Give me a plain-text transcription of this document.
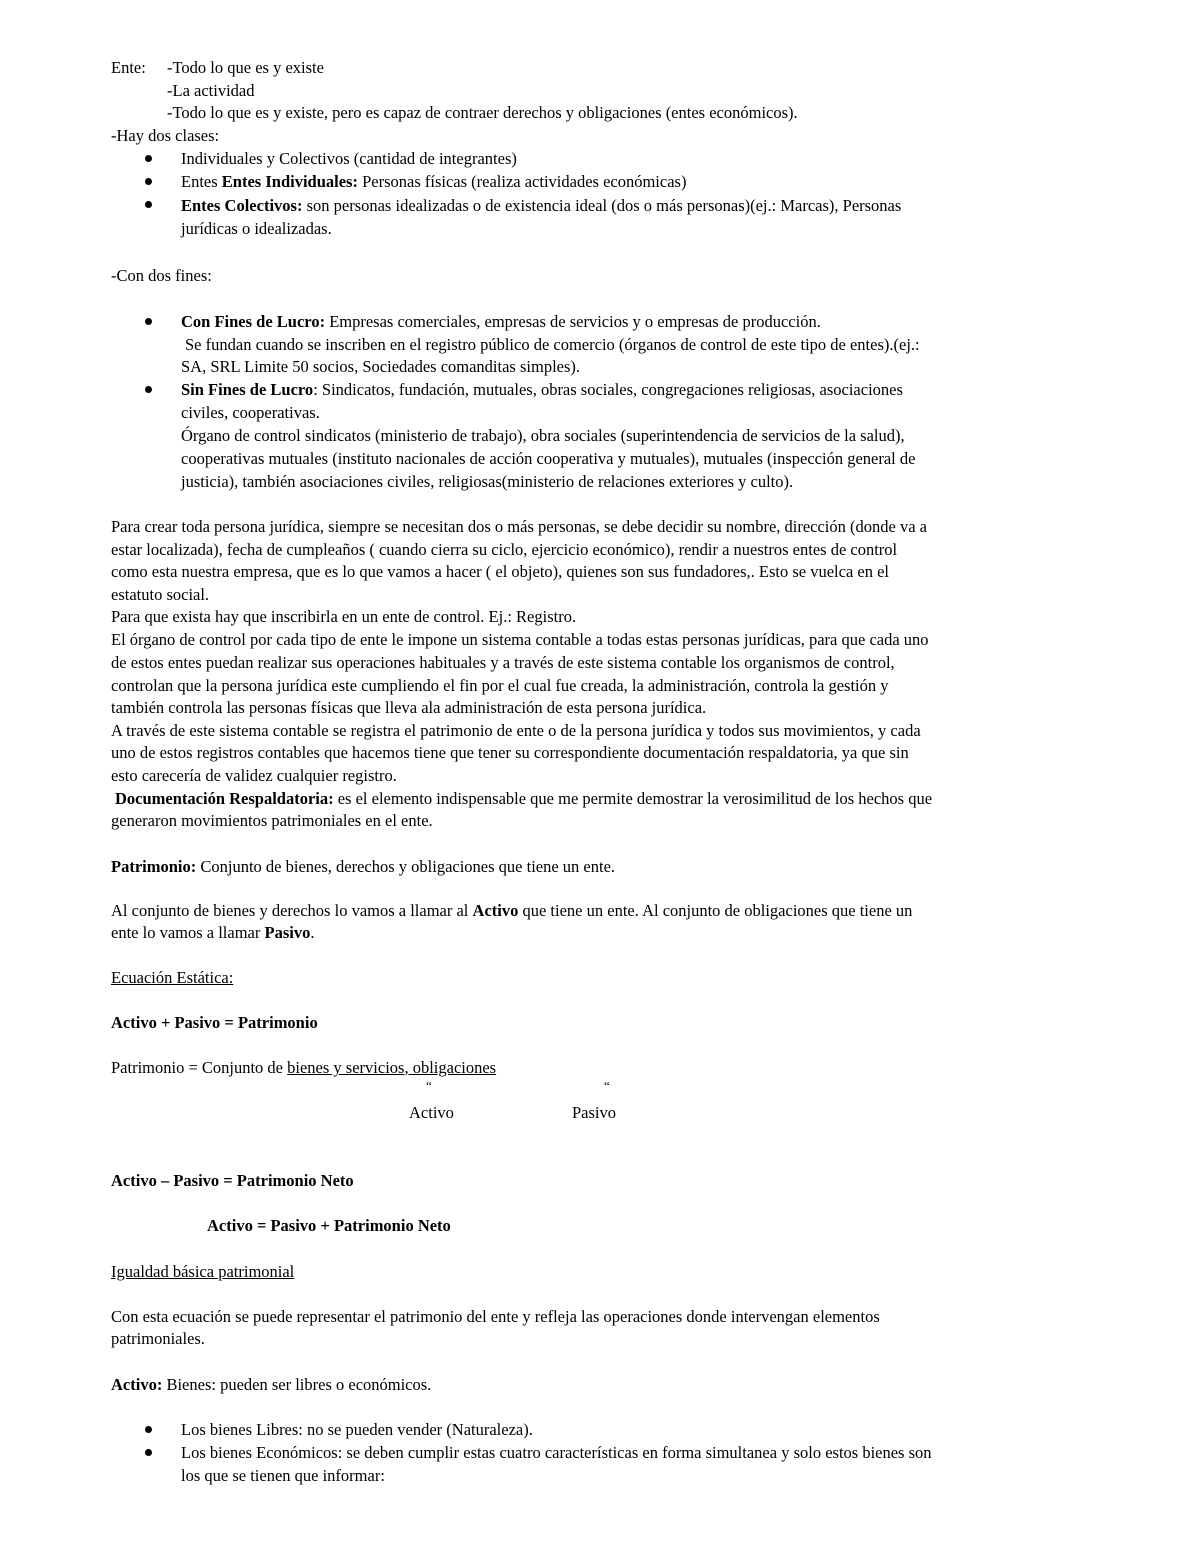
Ente: -Todo lo que es y existe
-La actividad
-Todo lo que es y existe, pero es capaz de contraer derechos y obligaciones (entes económicos).
-Hay dos clases:
Individuales y Colectivos (cantidad de integrantes)
Entes Entes Individuales: Personas físicas (realiza actividades económicas)
Entes Colectivos: son personas idealizadas o de existencia ideal (dos o más personas)(ej.: Marcas), Personas
jurídicas o idealizadas.
-Con dos fines:
Con Fines de Lucro: Empresas comerciales, empresas de servicios y o empresas de producción.
Se fundan cuando se inscriben en el registro público de comercio (órganos de control de este tipo de entes).(ej.:
SA, SRL Limite 50 socios, Sociedades comanditas simples).
Sin Fines de Lucro: Sindicatos, fundación, mutuales, obras sociales, congregaciones religiosas, asociaciones
civiles, cooperativas.
Órgano de control sindicatos (ministerio de trabajo), obra sociales (superintendencia de servicios de la salud),
cooperativas mutuales (instituto nacionales de acción cooperativa y mutuales), mutuales (inspección general de
justicia), también asociaciones civiles, religiosas(ministerio de relaciones exteriores y culto).
Para crear toda persona jurídica, siempre se necesitan dos o más personas, se debe decidir su nombre, dirección (donde va a
estar localizada), fecha de cumpleaños ( cuando cierra su ciclo, ejercicio económico), rendir a nuestros entes de control
como esta nuestra empresa, que es lo que vamos a hacer ( el objeto), quienes son sus fundadores,. Esto se vuelca en el
estatuto social.
Para que exista hay que inscribirla en un ente de control. Ej.: Registro.
El órgano de control por cada tipo de ente le impone un sistema contable a todas estas personas jurídicas, para que cada uno
de estos entes puedan realizar sus operaciones habituales y a través de este sistema contable los organismos de control,
controlan que la persona jurídica este cumpliendo el fin por el cual fue creada, la administración, controla la gestión y
también controla las personas físicas que lleva ala administración de esta persona jurídica.
A través de este sistema contable se registra el patrimonio de ente o de la persona jurídica y todos sus movimientos, y cada
uno de estos registros contables que hacemos tiene que tener su correspondiente documentación respaldatoria, ya que sin
esto carecería de validez cualquier registro.
Documentación Respaldatoria: es el elemento indispensable que me permite demostrar la verosimilitud de los hechos que
generaron movimientos patrimoniales en el ente.
Patrimonio: Conjunto de bienes, derechos y obligaciones que tiene un ente.
Al conjunto de bienes y derechos lo vamos a llamar al Activo que tiene un ente. Al conjunto de obligaciones que tiene un
ente lo vamos a llamar Pasivo.
Ecuación Estática:
Activo + Pasivo = Patrimonio
Patrimonio = Conjunto de bienes y servicios, obligaciones
“	“
Activo	Pasivo
Activo – Pasivo = Patrimonio Neto
Activo = Pasivo + Patrimonio Neto
Igualdad básica patrimonial
Con esta ecuación se puede representar el patrimonio del ente y refleja las operaciones donde intervengan elementos
patrimoniales.
Activo: Bienes: pueden ser libres o económicos.
Los bienes Libres: no se pueden vender (Naturaleza).
Los bienes Económicos: se deben cumplir estas cuatro características en forma simultanea y solo estos bienes son
los que se tienen que informar:
